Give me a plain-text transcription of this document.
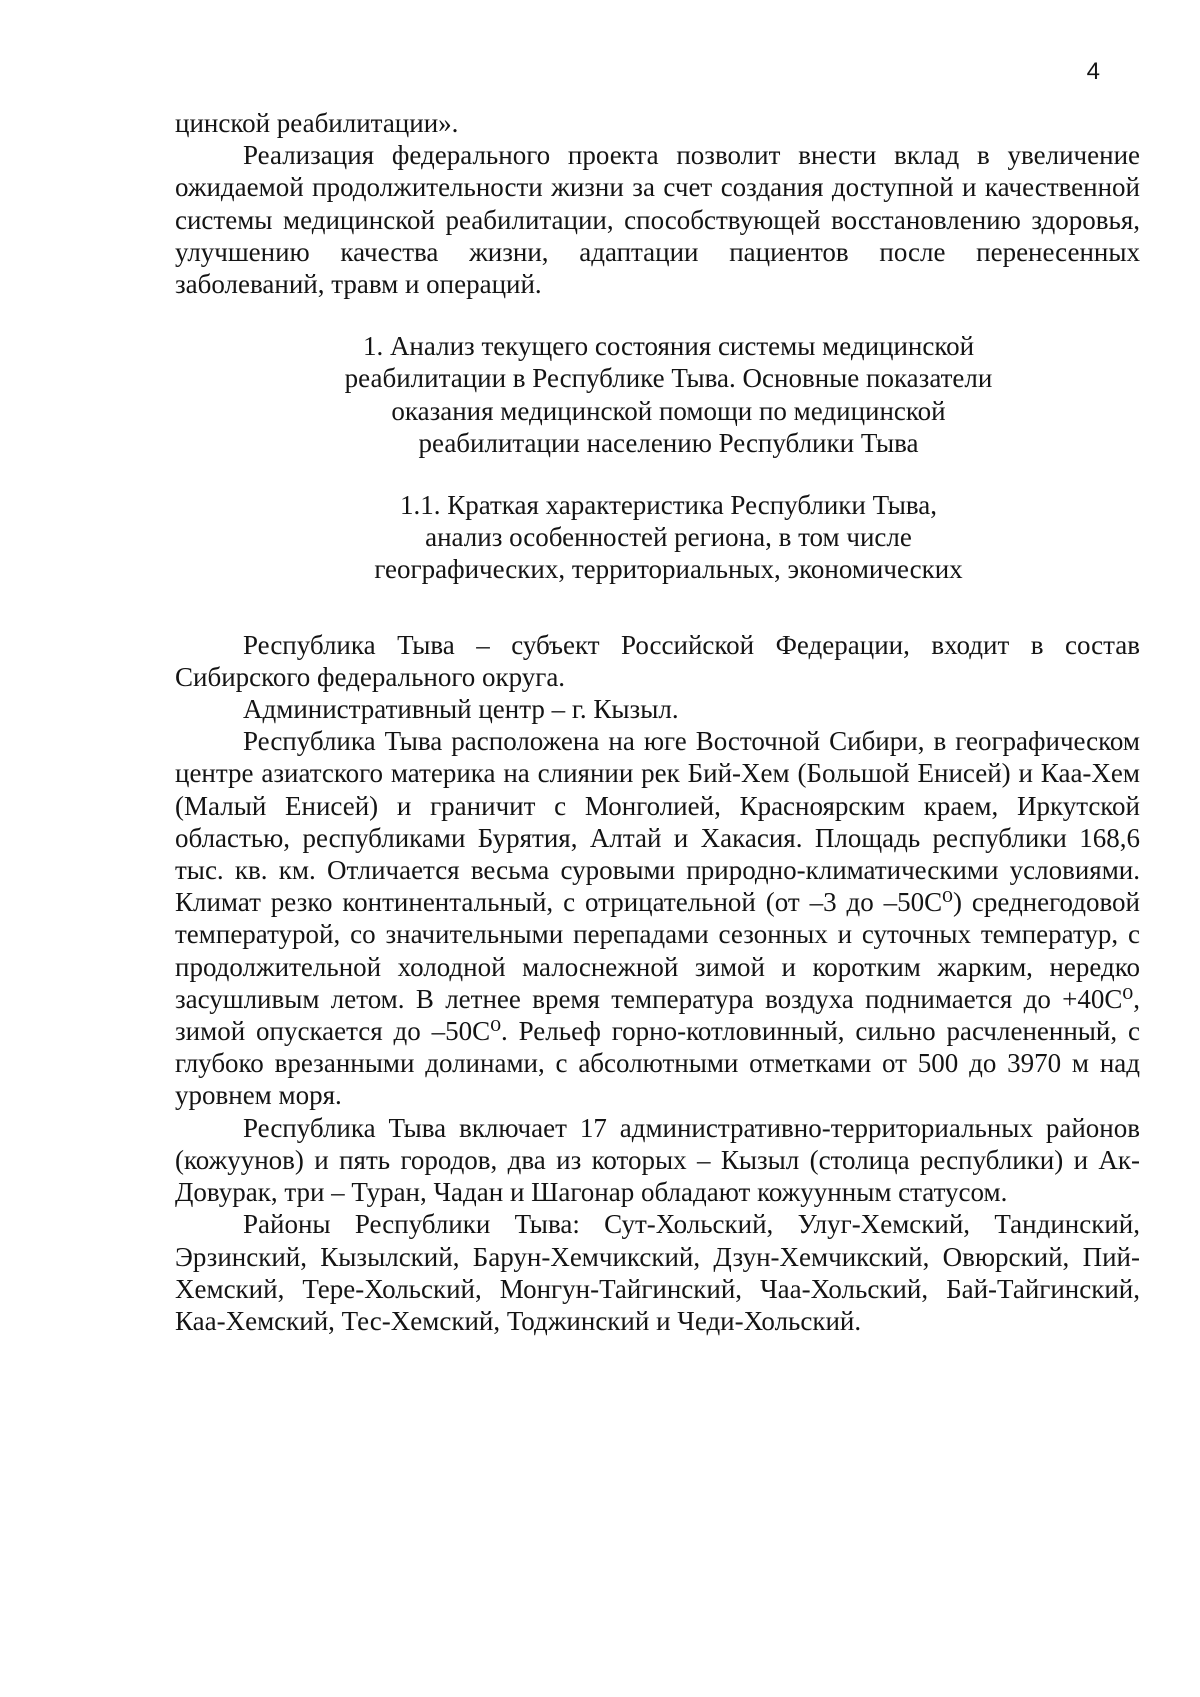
4

цинской реабилитации».

Реализация федерального проекта позволит внести вклад в увеличение ожидаемой продолжительности жизни за счет создания доступной и качественной системы медицинской реабилитации, способствующей восстановлению здоровья, улучшению качества жизни, адаптации пациентов после перенесенных заболеваний, травм и операций.

1. Анализ текущего состояния системы медицинской
реабилитации в Республике Тыва. Основные показатели
оказания медицинской помощи по медицинской
реабилитации населению Республики Тыва
1.1. Краткая характеристика Республики Тыва,
анализ особенностей региона, в том числе
географических, территориальных, экономических

Республика Тыва – субъект Российской Федерации, входит в состав Сибирского федерального округа.

Административный центр – г. Кызыл.

Республика Тыва расположена на юге Восточной Сибири, в географическом центре азиатского материка на слиянии рек Бий-Хем (Большой Енисей) и Каа-Хем (Малый Енисей) и граничит с Монголией, Красноярским краем, Иркутской областью, республиками Бурятия, Алтай и Хакасия. Площадь республики 168,6 тыс. кв. км. Отличается весьма суровыми природно-климатическими условиями. Климат резко континентальный, с отрицательной (от –3 до –50С⁰) среднегодовой температурой, со значительными перепадами сезонных и суточных температур, с продолжительной холодной малоснежной зимой и коротким жарким, нередко засушливым летом. В летнее время температура воздуха поднимается до +40С⁰, зимой опускается до –50С⁰. Рельеф горно-котловинный, сильно расчлененный, с глубоко врезанными долинами, с абсолютными отметками от 500 до 3970 м над уровнем моря.

Республика Тыва включает 17 административно-территориальных районов (кожуунов) и пять городов, два из которых – Кызыл (столица республики) и Ак-Довурак, три – Туран, Чадан и Шагонар обладают кожуунным статусом.

Районы Республики Тыва: Сут-Хольский, Улуг-Хемский, Тандинский, Эрзинский, Кызылский, Барун-Хемчикский, Дзун-Хемчикский, Овюрский, Пий-Хемский, Тере-Хольский, Монгун-Тайгинский, Чаа-Хольский, Бай-Тайгинский, Каа-Хемский, Тес-Хемский, Тоджинский и Чеди-Хольский.
